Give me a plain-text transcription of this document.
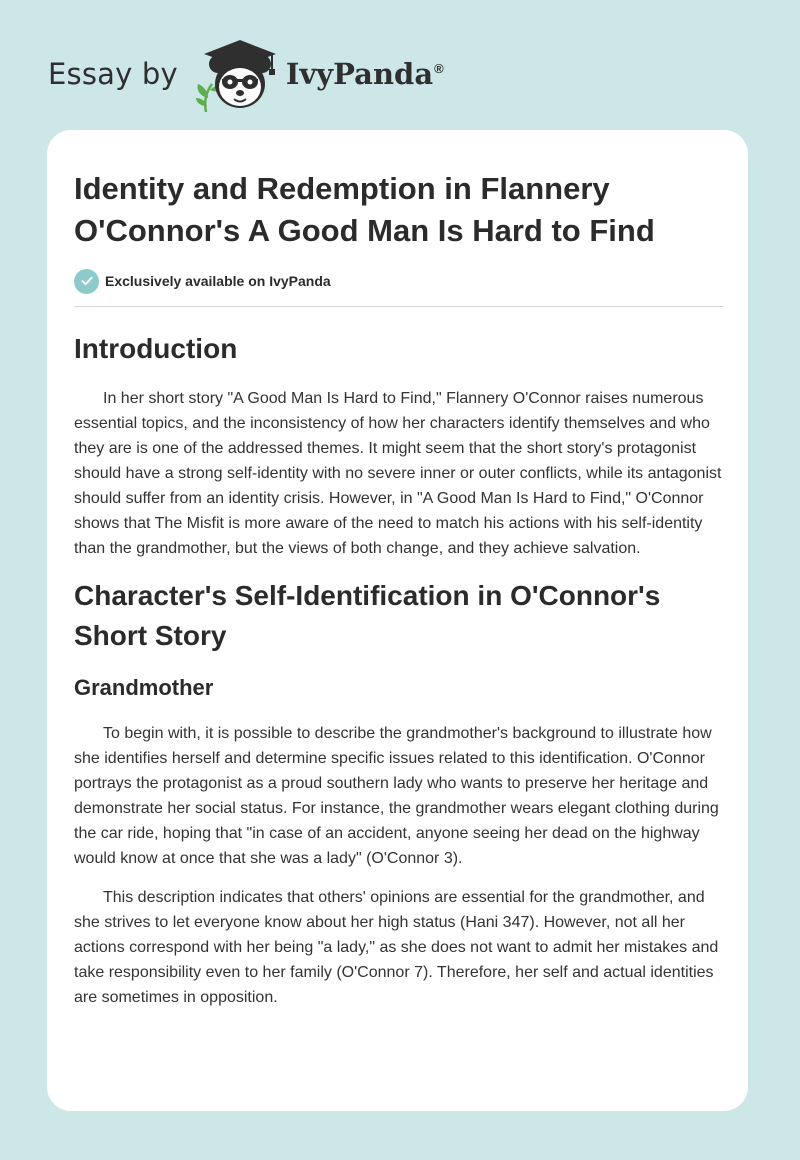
Essay by	IvyPanda®
Identity and Redemption in Flannery O'Connor's A Good Man Is Hard to Find
Exclusively available on IvyPanda
Introduction

In her short story "A Good Man Is Hard to Find," Flannery O'Connor raises numerous essential topics, and the inconsistency of how her characters identify themselves and who they are is one of the addressed themes. It might seem that the short story's protagonist should have a strong self-identity with no severe inner or outer conflicts, while its antagonist should suffer from an identity crisis. However, in "A Good Man Is Hard to Find," O'Connor shows that The Misfit is more aware of the need to match his actions with his self-identity than the grandmother, but the views of both change, and they achieve salvation.

Character's Self-Identification in O'Connor's Short Story
Grandmother

To begin with, it is possible to describe the grandmother's background to illustrate how she identifies herself and determine specific issues related to this identification. O'Connor portrays the protagonist as a proud southern lady who wants to preserve her heritage and demonstrate her social status. For instance, the grandmother wears elegant clothing during the car ride, hoping that "in case of an accident, anyone seeing her dead on the highway would know at once that she was a lady" (O'Connor 3).

This description indicates that others' opinions are essential for the grandmother, and she strives to let everyone know about her high status (Hani 347). However, not all her actions correspond with her being "a lady," as she does not want to admit her mistakes and take responsibility even to her family (O'Connor 7). Therefore, her self and actual identities are sometimes in opposition.
